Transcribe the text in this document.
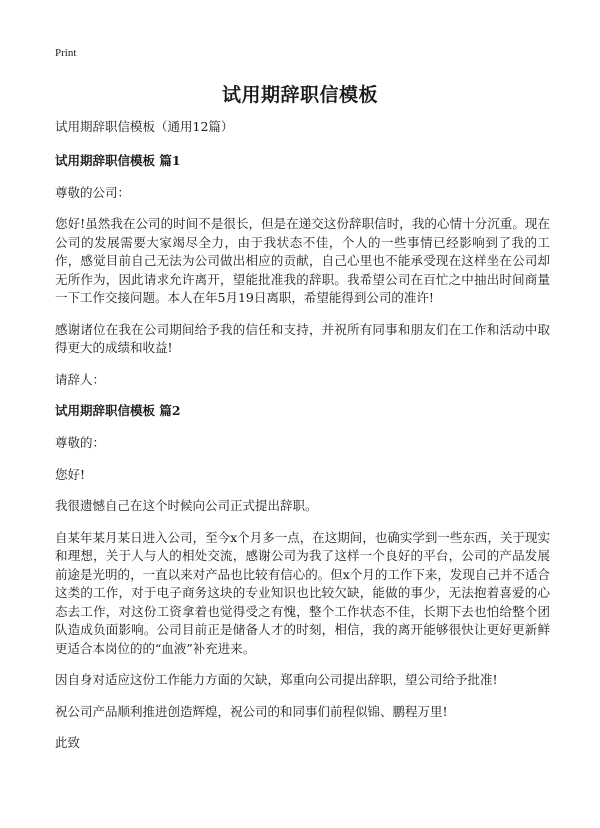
Print
试用期辞职信模板

试用期辞职信模板（通用12篇）

试用期辞职信模板 篇1

尊敬的公司：

您好!虽然我在公司的时间不是很长，但是在递交这份辞职信时，我的心情十分沉重。现在公司的发展需要大家竭尽全力，由于我状态不佳，个人的一些事情已经影响到了我的工作，感觉目前自己无法为公司做出相应的贡献，自己心里也不能承受现在这样坐在公司却无所作为，因此请求允许离开，望能批准我的辞职。我希望公司在百忙之中抽出时间商量一下工作交接问题。本人在年5月19日离职，希望能得到公司的准许!

感谢诸位在我在公司期间给予我的信任和支持，并祝所有同事和朋友们在工作和活动中取得更大的成绩和收益!

请辞人：

试用期辞职信模板 篇2

尊敬的：

您好!

我很遗憾自己在这个时候向公司正式提出辞职。

自某年某月某日进入公司，至今x个月多一点，在这期间，也确实学到一些东西，关于现实和理想，关于人与人的相处交流，感谢公司为我了这样一个良好的平台，公司的产品发展前途是光明的，一直以来对产品也比较有信心的。但x个月的工作下来，发现自己并不适合这类的工作，对于电子商务这块的专业知识也比较欠缺，能做的事少，无法抱着喜爱的心态去工作，对这份工资拿着也觉得受之有愧，整个工作状态不佳，长期下去也怕给整个团队造成负面影响。公司目前正是储备人才的时刻，相信，我的离开能够很快让更好更新鲜更适合本岗位的的“血液”补充进来。

因自身对适应这份工作能力方面的欠缺，郑重向公司提出辞职，望公司给予批准!

祝公司产品顺利推进创造辉煌，祝公司的和同事们前程似锦、鹏程万里!

此致
